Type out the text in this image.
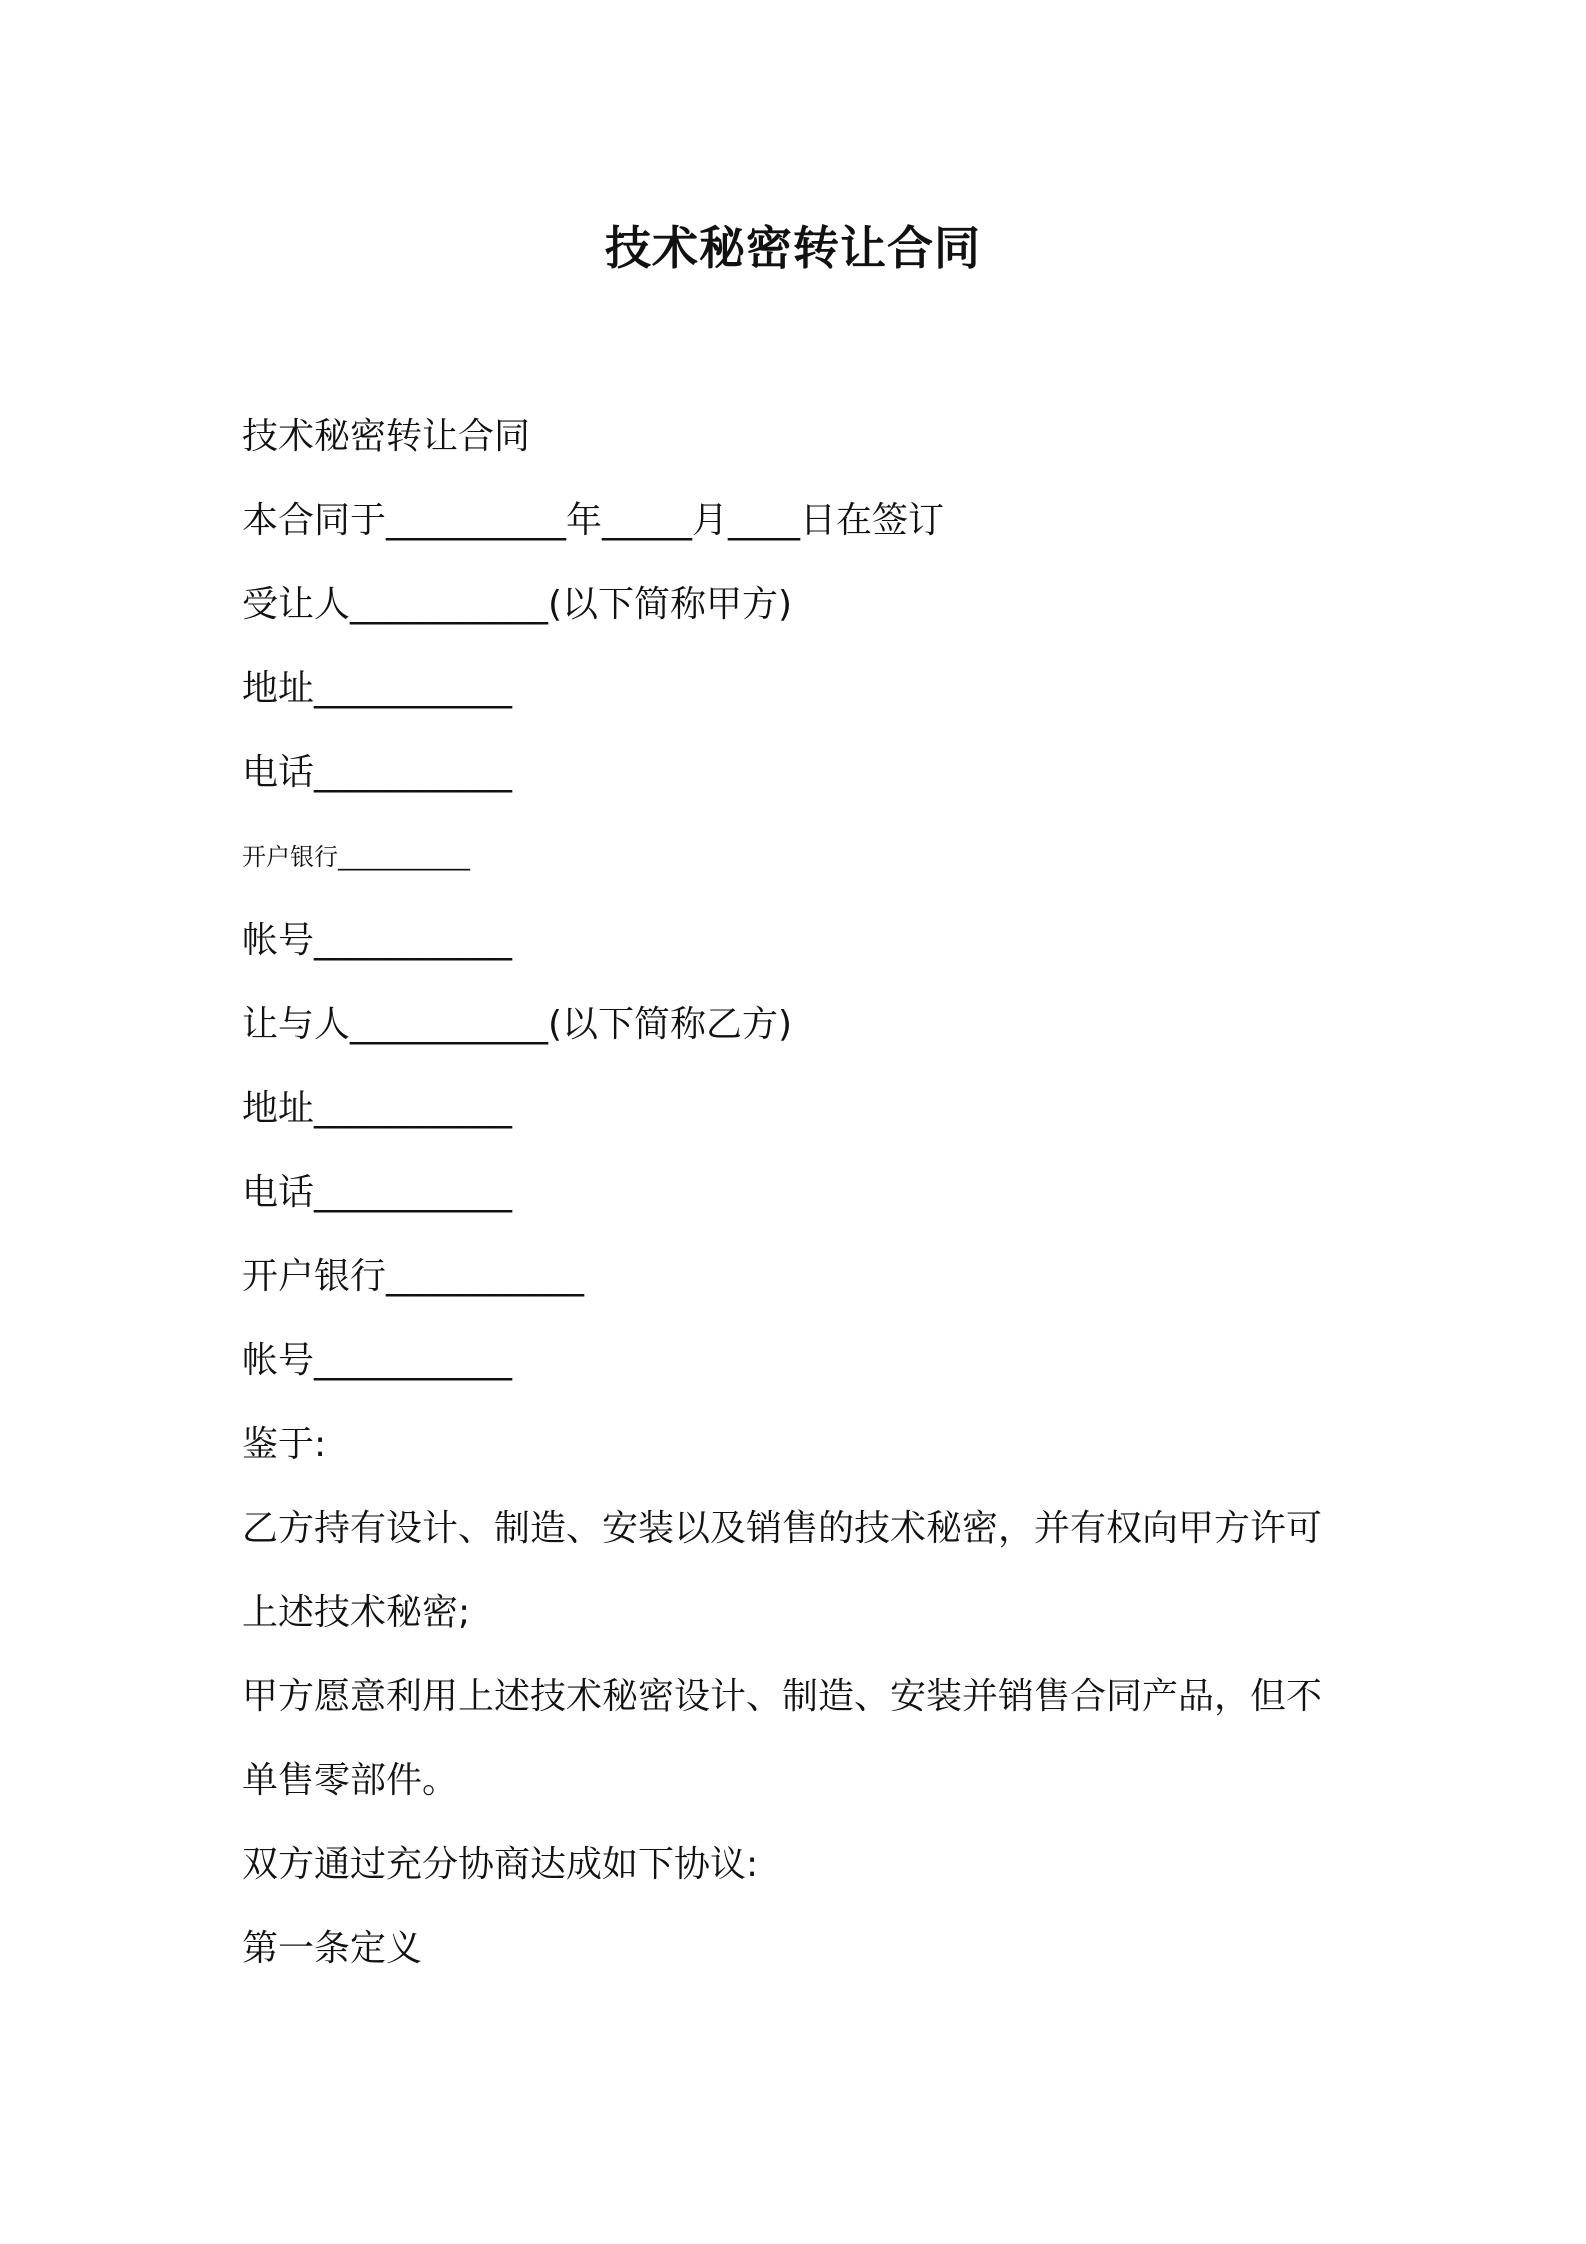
技术秘密转让合同
技术秘密转让合同
本合同于__________年_____月____日在签订
受让人___________(以下简称甲方)
地址___________
电话___________
开户银行___________
帐号___________
让与人___________(以下简称乙方)
地址___________
电话___________
开户银行___________
帐号___________
鉴于:
乙方持有设计、制造、安装以及销售的技术秘密，并有权向甲方许可
上述技术秘密;
甲方愿意利用上述技术秘密设计、制造、安装并销售合同产品，但不
单售零部件。
双方通过充分协商达成如下协议:
第一条定义
